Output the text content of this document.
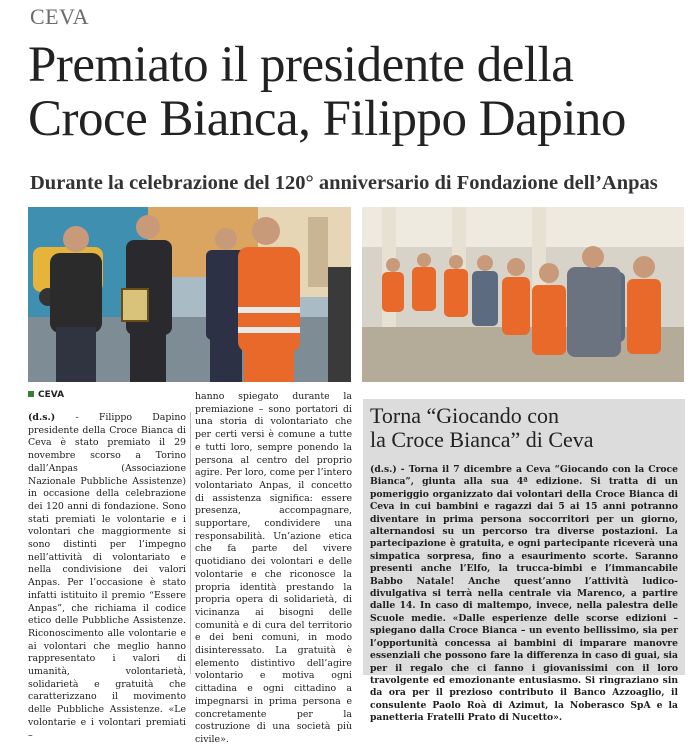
CEVA
Premiato il presidente della
Croce Bianca, Filippo Dapino
Durante la celebrazione del 120° anniversario di Fondazione dell’Anpas
CEVA

(d.s.) - Filippo Dapino presidente della Croce Bianca di Ceva è stato premiato il 29 novembre scorso a Torino dall’Anpas (Associazione Nazionale Pubbliche Assistenze) in occasione della celebrazione dei 120 anni di fondazione. Sono stati premiati le volontarie e i volontari che maggiormente si sono distinti per l’impegno nell’attività di volontariato e nella condivisione dei valori Anpas. Per l’occasione è stato infatti istituito il premio “Essere Anpas”, che richiama il codice etico delle Pubbliche Assistenze. Riconoscimento alle volontarie e ai volontari che meglio hanno rappresentato i valori di umanità, volontarietà, solidarietà e gratuità che caratterizzano il movimento delle Pubbliche Assistenze. «Le volontarie e i volontari premiati –

hanno spiegato durante la premiazione – sono portatori di una storia di volontariato che per certi versi è comune a tutte e tutti loro, sempre ponendo la persona al centro del proprio agire. Per loro, come per l’intero volontariato Anpas, il concetto di assistenza significa: essere presenza, accompagnare, supportare, condividere una responsabilità. Un’azione etica che fa parte del vivere quotidiano dei volontari e delle volontarie e che riconosce la propria identità prestando la propria opera di solidarietà, di vicinanza ai bisogni delle comunità e di cura del territorio e dei beni comuni, in modo disinteressato. La gratuità è elemento distintivo dell’agire volontario e motiva ogni cittadina e ogni cittadino a impegnarsi in prima persona e concretamente per la costruzione di una società più civile».

Torna “Giocando con
la Croce Bianca” di Ceva

(d.s.) - Torna il 7 dicembre a Ceva “Giocando con la Croce Bianca”, giunta alla sua 4ª edizione. Si tratta di un pomeriggio organizzato dai volontari della Croce Bianca di Ceva in cui bambini e ragazzi dai 5 ai 15 anni potranno diventare in prima persona soccorritori per un giorno, alternandosi su un percorso tra diverse postazioni. La partecipazione è gratuita, e ogni partecipante riceverà una simpatica sorpresa, fino a esaurimento scorte. Saranno presenti anche l’Elfo, la trucca-bimbi e l’immancabile Babbo Natale! Anche quest’anno l’attività ludico-divulgativa si terrà nella centrale via Marenco, a partire dalle 14. In caso di maltempo, invece, nella palestra delle Scuole medie. «Dalle esperienze delle scorse edizioni – spiegano dalla Croce Bianca – un evento bellissimo, sia per l’opportunità concessa ai bambini di imparare manovre essenziali che possono fare la differenza in caso di guai, sia per il regalo che ci fanno i giovanissimi con il loro travolgente ed emozionante entusiasmo. Si ringraziano sin da ora per il prezioso contributo il Banco Azzoaglio, il consulente Paolo Roà di Azimut, la Noberasco SpA e la panetteria Fratelli Prato di Nucetto».
